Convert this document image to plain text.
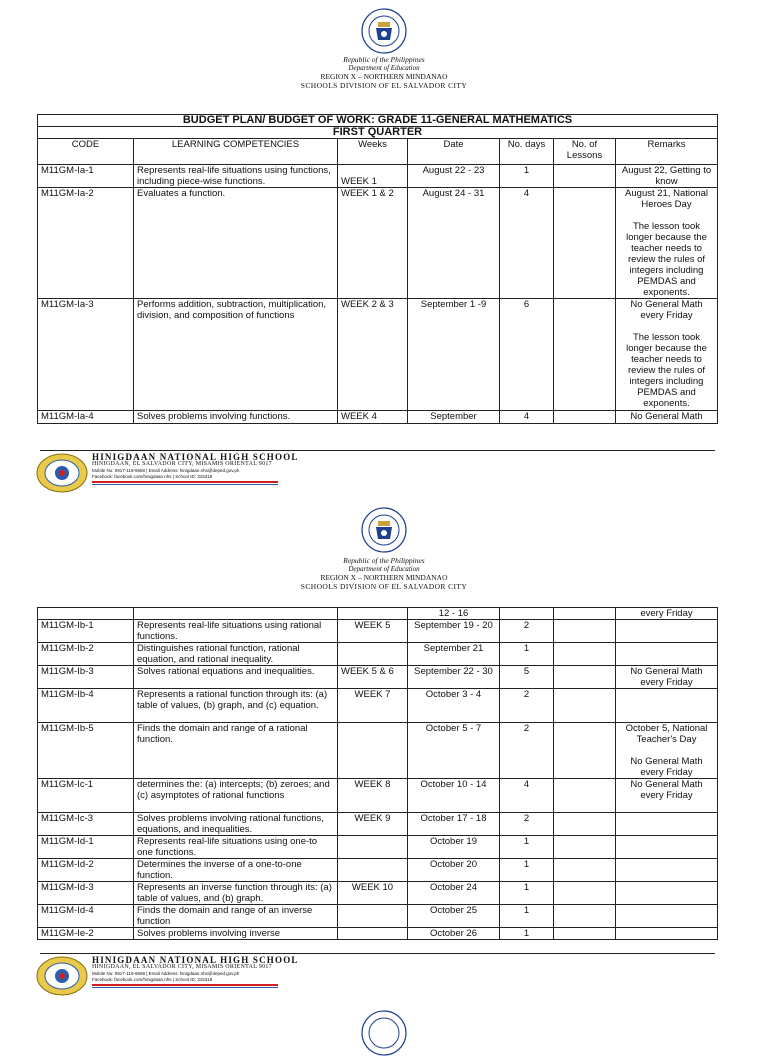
Republic of the Philippines
Department of Education
REGION X – NORTHERN MINDANAO
SCHOOLS DIVISION OF EL SALVADOR CITY
BUDGET PLAN/ BUDGET OF WORK: GRADE 11-GENERAL MATHEMATICS						
FIRST QUARTER						
CODE	LEARNING COMPETENCIES	Weeks	Date	No. days	No. of Lessons	Remarks
M11GM-Ia-1	Represents real-life situations using functions, including piece-wise functions.	WEEK 1	August 22 - 23	1		August 22, Getting to know
M11GM-Ia-2	Evaluates a function.	WEEK 1 & 2	August 24 - 31	4		August 21, National Heroes Day
The lesson took longer because the teacher needs to review the rules of integers including PEMDAS and exponents.

M11GM-Ia-3	Performs addition, subtraction, multiplication, division, and composition of functions	WEEK 2 & 3	September 1 -9	6		No General Math every Friday
The lesson took longer because the teacher needs to review the rules of integers including PEMDAS and exponents.

M11GM-Ia-4	Solves problems involving functions.	WEEK 4	September	4		No General Math
HINIGDAAN NATIONAL HIGH SCHOOL
HINIGDAAN, EL SALVADOR CITY, MISAMIS ORIENTAL 9017
Mobile No: 0917-118-9658 | Email Address: hinigdaan.nhs@deped.gov.ph
Facebook: facebook.com/hinigdaan.nhs | School ID: 315318
Republic of the Philippines
Department of Education
REGION X – NORTHERN MINDANAO
SCHOOLS DIVISION OF EL SALVADOR CITY
			12 - 16			every Friday
M11GM-Ib-1	Represents real-life situations using rational functions.	WEEK 5	September 19 - 20	2		
M11GM-Ib-2	Distinguishes rational function, rational equation, and rational inequality.		September 21	1		
M11GM-Ib-3	Solves rational equations and inequalities.	WEEK 5 & 6	September 22 - 30	5		No General Math every Friday
M11GM-Ib-4	Represents a rational function through its: (a) table of values, (b) graph, and (c) equation.	WEEK 7	October 3 - 4	2		
M11GM-Ib-5	Finds the domain and range of a rational function.		October 5 - 7	2		October 5, National Teacher's Day
No General Math every Friday

M11GM-Ic-1	determines the: (a) intercepts; (b) zeroes; and (c) asymptotes of rational functions	WEEK 8	October 10 - 14	4		No General Math every Friday
M11GM-Ic-3	Solves problems involving rational functions, equations, and inequalities.	WEEK 9	October 17 - 18	2		
M11GM-Id-1	Represents real-life situations using one-to one functions.		October 19	1		
M11GM-Id-2	Determines the inverse of a one-to-one function.		October 20	1		
M11GM-Id-3	Represents an inverse function through its: (a) table of values, and (b) graph.	WEEK 10	October 24	1		
M11GM-Id-4	Finds the domain and range of an inverse function		October 25	1		
M11GM-Ie-2	Solves problems involving inverse		October 26	1		
HINIGDAAN NATIONAL HIGH SCHOOL
HINIGDAAN, EL SALVADOR CITY, MISAMIS ORIENTAL 9017
Mobile No: 0917-118-9658 | Email Address: hinigdaan.nhs@deped.gov.ph
Facebook: facebook.com/hinigdaan.nhs | School ID: 315318
